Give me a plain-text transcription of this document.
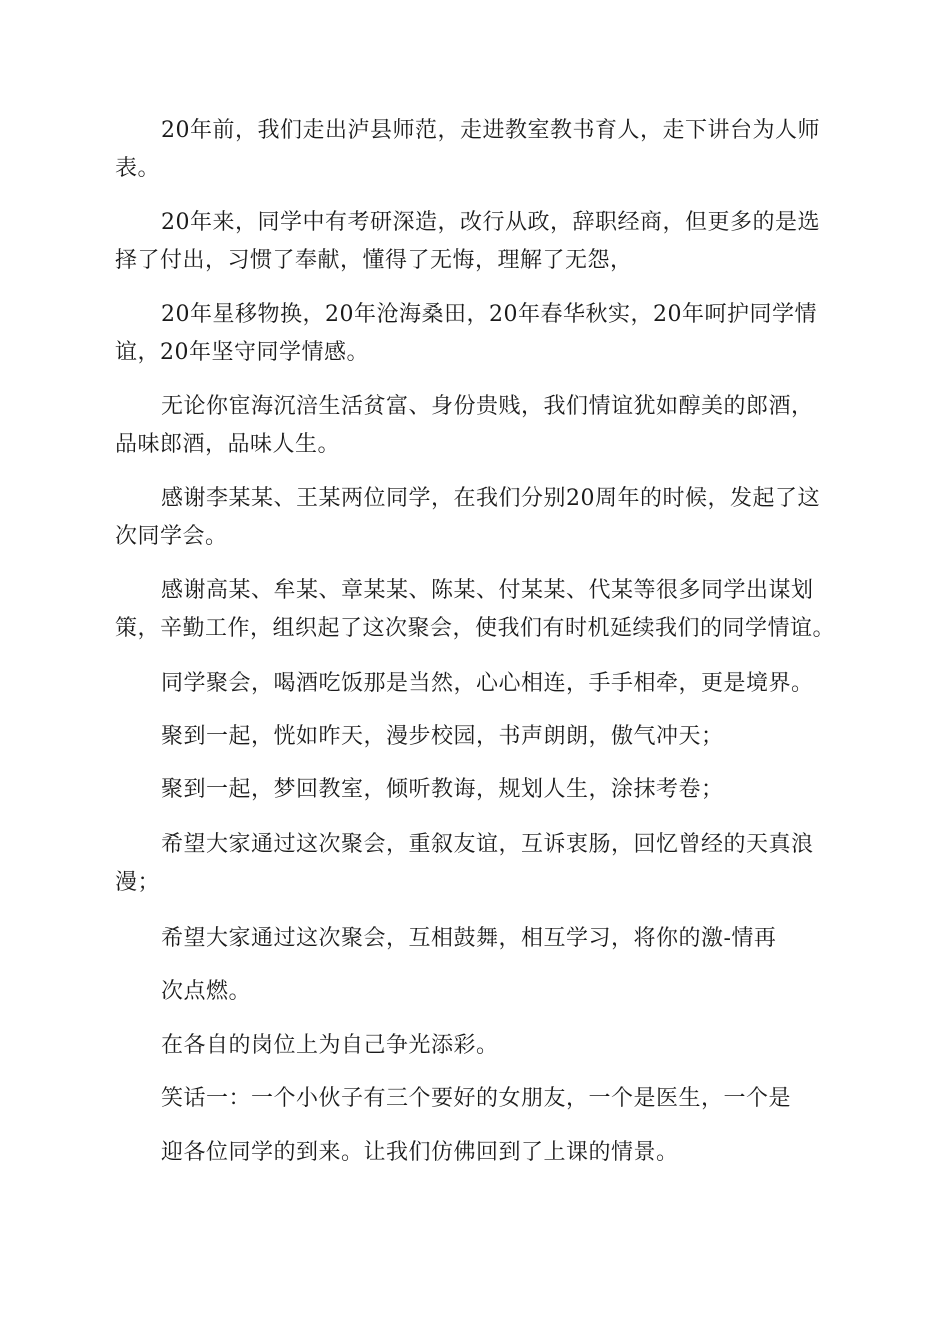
20年前，我们走出泸县师范，走进教室教书育人，走下讲台为人师表。

20年来，同学中有考研深造，改行从政，辞职经商，但更多的是选择了付出，习惯了奉献，懂得了无悔，理解了无怨，

20年星移物换，20年沧海桑田，20年春华秋实，20年呵护同学情谊，20年坚守同学情感。

无论你宦海沉涪生活贫富、身份贵贱，我们情谊犹如醇美的郎酒，品味郎酒，品味人生。

感谢李某某、王某两位同学，在我们分别20周年的时候，发起了这次同学会。

感谢高某、牟某、章某某、陈某、付某某、代某等很多同学出谋划策，辛勤工作，组织起了这次聚会，使我们有时机延续我们的同学情谊。

同学聚会，喝酒吃饭那是当然，心心相连，手手相牵，更是境界。

聚到一起，恍如昨天，漫步校园，书声朗朗，傲气冲天；

聚到一起，梦回教室，倾听教诲，规划人生，涂抹考卷；

希望大家通过这次聚会，重叙友谊，互诉衷肠，回忆曾经的天真浪漫；

希望大家通过这次聚会，互相鼓舞，相互学习，将你的激-情再

次点燃。

在各自的岗位上为自己争光添彩。

笑话一：一个小伙子有三个要好的女朋友，一个是医生，一个是

迎各位同学的到来。让我们仿佛回到了上课的情景。
